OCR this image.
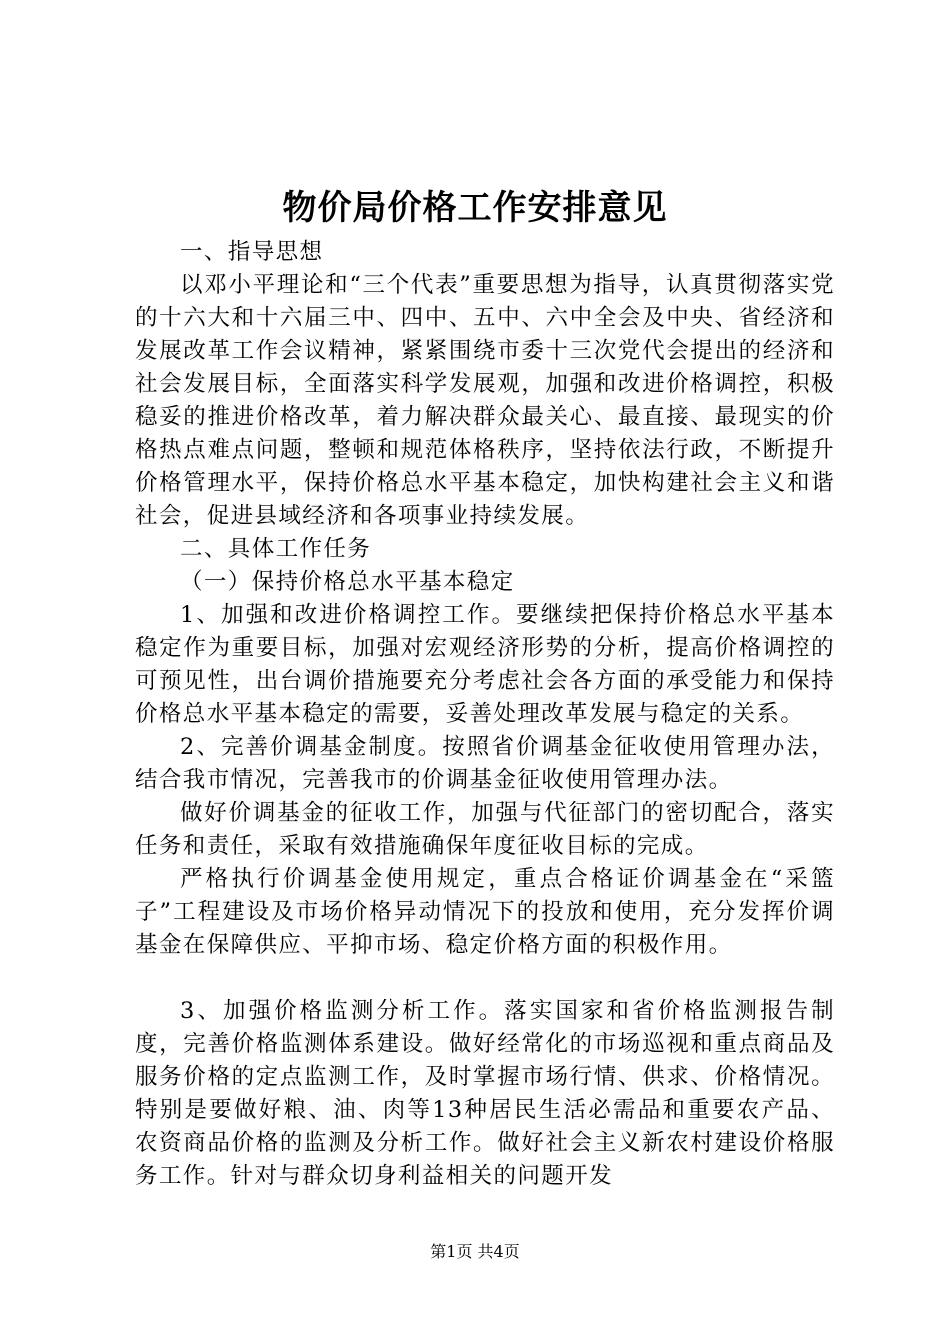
物价局价格工作安排意见

一、指导思想

以邓小平理论和“三个代表”重要思想为指导，认真贯彻落实党的十六大和十六届三中、四中、五中、六中全会及中央、省经济和发展改革工作会议精神，紧紧围绕市委十三次党代会提出的经济和社会发展目标，全面落实科学发展观，加强和改进价格调控，积极稳妥的推进价格改革，着力解决群众最关心、最直接、最现实的价格热点难点问题，整顿和规范体格秩序，坚持依法行政，不断提升价格管理水平，保持价格总水平基本稳定，加快构建社会主义和谐社会，促进县域经济和各项事业持续发展。

二、具体工作任务

（一）保持价格总水平基本稳定

1、加强和改进价格调控工作。要继续把保持价格总水平基本稳定作为重要目标，加强对宏观经济形势的分析，提高价格调控的可预见性，出台调价措施要充分考虑社会各方面的承受能力和保持价格总水平基本稳定的需要，妥善处理改革发展与稳定的关系。

2、完善价调基金制度。按照省价调基金征收使用管理办法，结合我市情况，完善我市的价调基金征收使用管理办法。

做好价调基金的征收工作，加强与代征部门的密切配合，落实任务和责任，采取有效措施确保年度征收目标的完成。

严格执行价调基金使用规定，重点合格证价调基金在“采篮子”工程建设及市场价格异动情况下的投放和使用，充分发挥价调基金在保障供应、平抑市场、稳定价格方面的积极作用。

3、加强价格监测分析工作。落实国家和省价格监测报告制度，完善价格监测体系建设。做好经常化的市场巡视和重点商品及服务价格的定点监测工作，及时掌握市场行情、供求、价格情况。特别是要做好粮、油、肉等13种居民生活必需品和重要农产品、农资商品价格的监测及分析工作。做好社会主义新农村建设价格服务工作。针对与群众切身利益相关的问题开发

第1页 共4页
